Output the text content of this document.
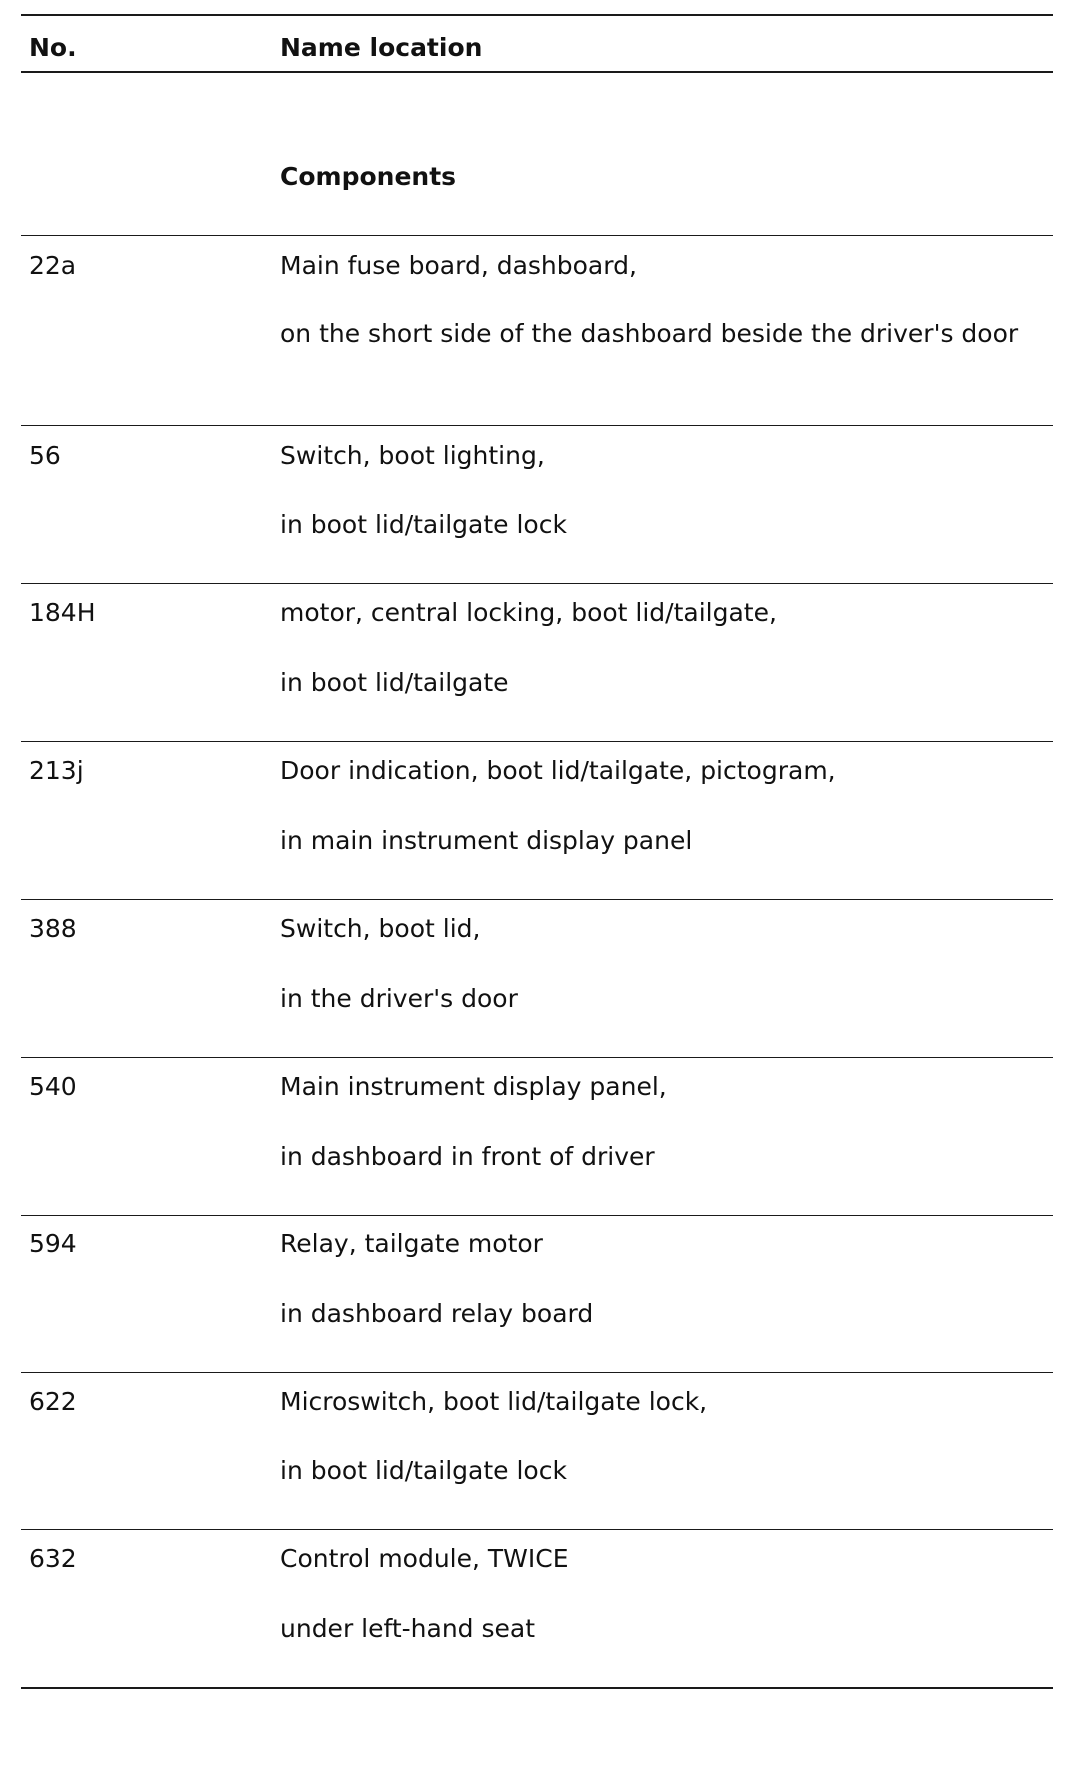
No.	Name location
Components
22a	Main fuse board, dashboard,
on the short side of the dashboard beside the driver's door
56	Switch, boot lighting,
in boot lid/tailgate lock
184H	motor, central locking, boot lid/tailgate,
in boot lid/tailgate
213j	Door indication, boot lid/tailgate, pictogram,
in main instrument display panel
388	Switch, boot lid,
in the driver's door
540	Main instrument display panel,
in dashboard in front of driver
594	Relay, tailgate motor
in dashboard relay board
622	Microswitch, boot lid/tailgate lock,
in boot lid/tailgate lock
632	Control module, TWICE
under left-hand seat
